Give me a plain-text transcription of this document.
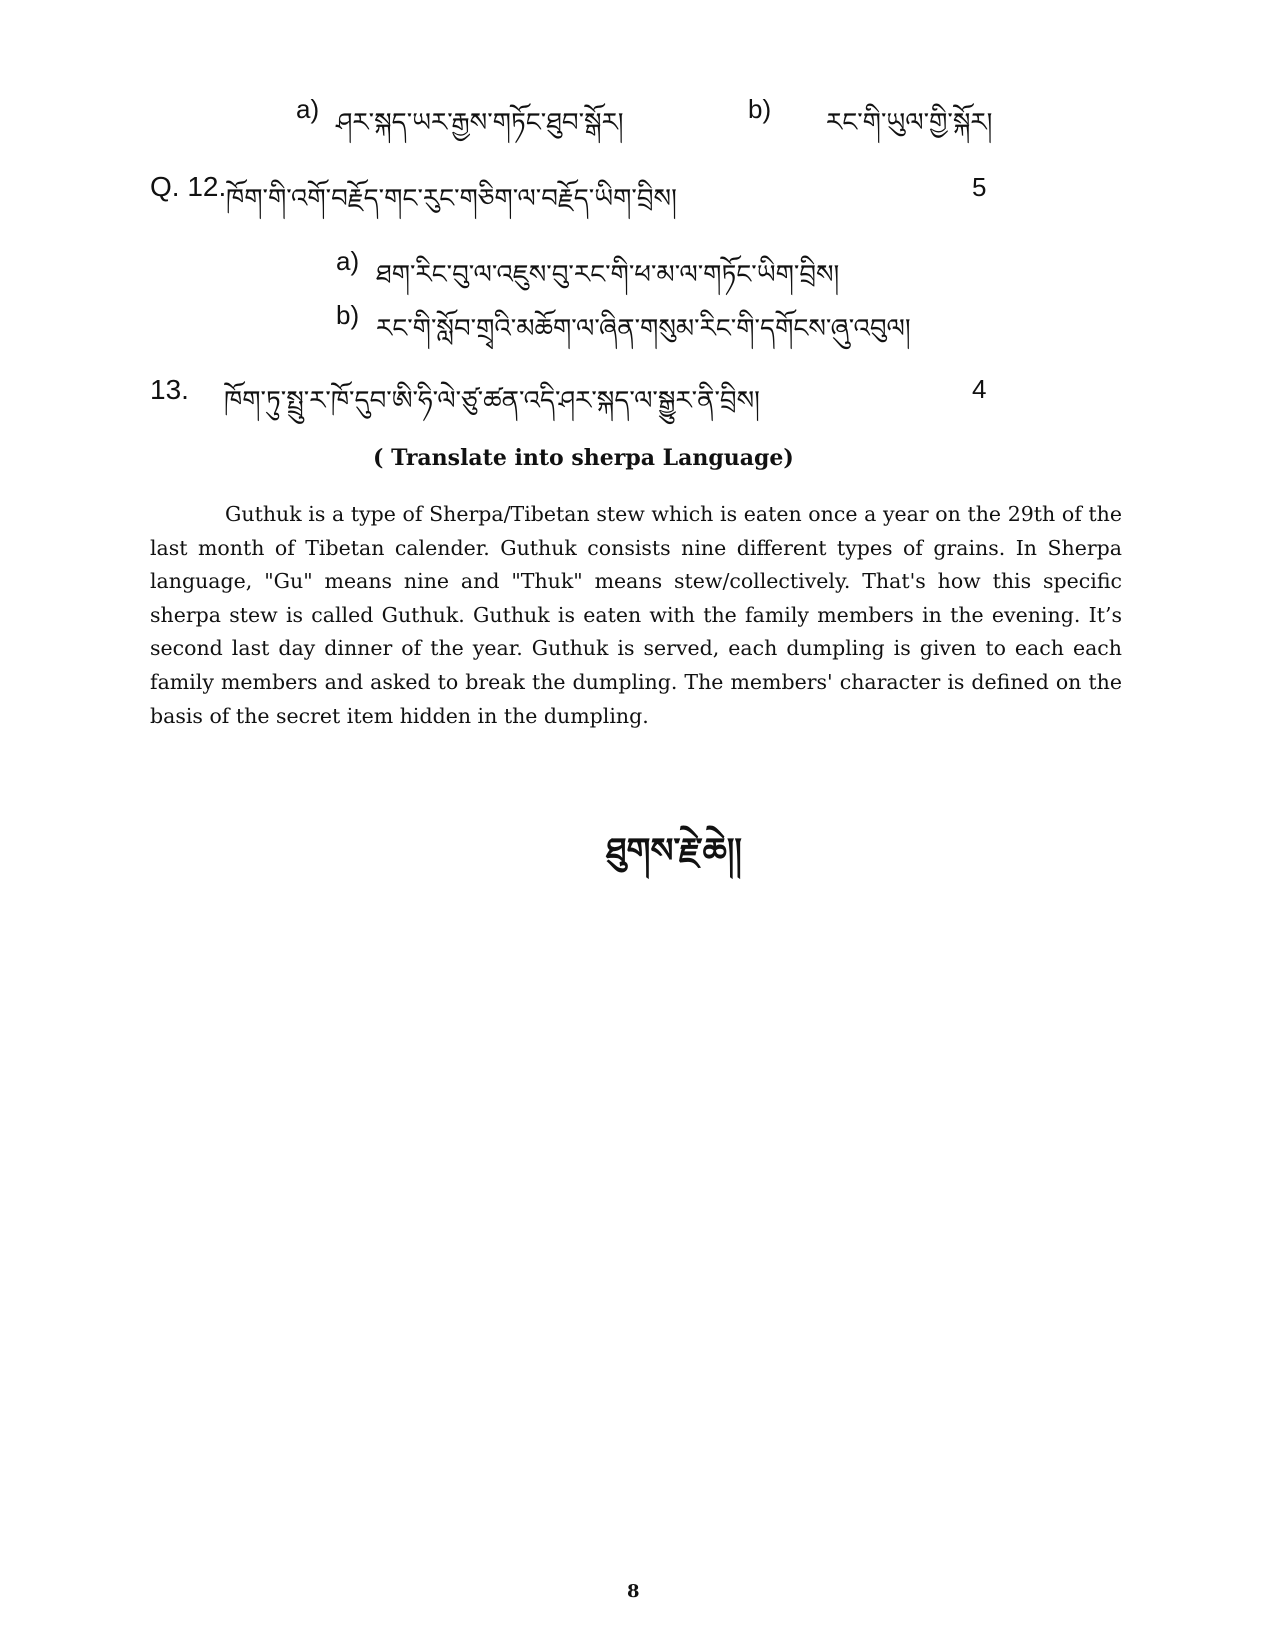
a) ཤར་སྐད་ཡར་རྒྱས་གཏོང་ཐུབ་སྒོར།	b) རང་གི་ཡུལ་གྱི་སྐོར།
Q. 12. ཁོག་གི་འགོ་བརྗོད་གང་རུང་གཅིག་ལ་བརྗོད་ཡིག་བྲིས།	5
a) ཐག་རིང་བུ་ལ་འཇུས་བུ་རང་གི་ཕ་མ་ལ་གཏོང་ཡིག་བྲིས།
b) རང་གི་སློབ་གྲྭའི་མཆོག་ལ་ཞིན་གསུམ་རིང་གི་དགོངས་ཞུ་འབུལ།
13. ཁོག་ཏུ་སྤྲུ་ར་ཁོ་དུབ་ཨི་ཧི་ལེ་ཙུ་ཚན་འདི་ཤར་སྐད་ལ་སྒྱུར་ནི་བྲིས།	4
( Translate into sherpa Language)
Guthuk is a type of Sherpa/Tibetan stew which is eaten once a year on the 29th of the last month of Tibetan calender. Guthuk consists nine different types of grains. In Sherpa language, "Gu" means nine and "Thuk" means stew/collectively. That's how this specific sherpa stew is called Guthuk. Guthuk is eaten with the family members in the evening. It’s second last day dinner of the year. Guthuk is served, each dumpling is given to each each family members and asked to break the dumpling. The members' character is defined on the basis of the secret item hidden in the dumpling.
ཐུགས་རྗེ་ཆེ།།
8
